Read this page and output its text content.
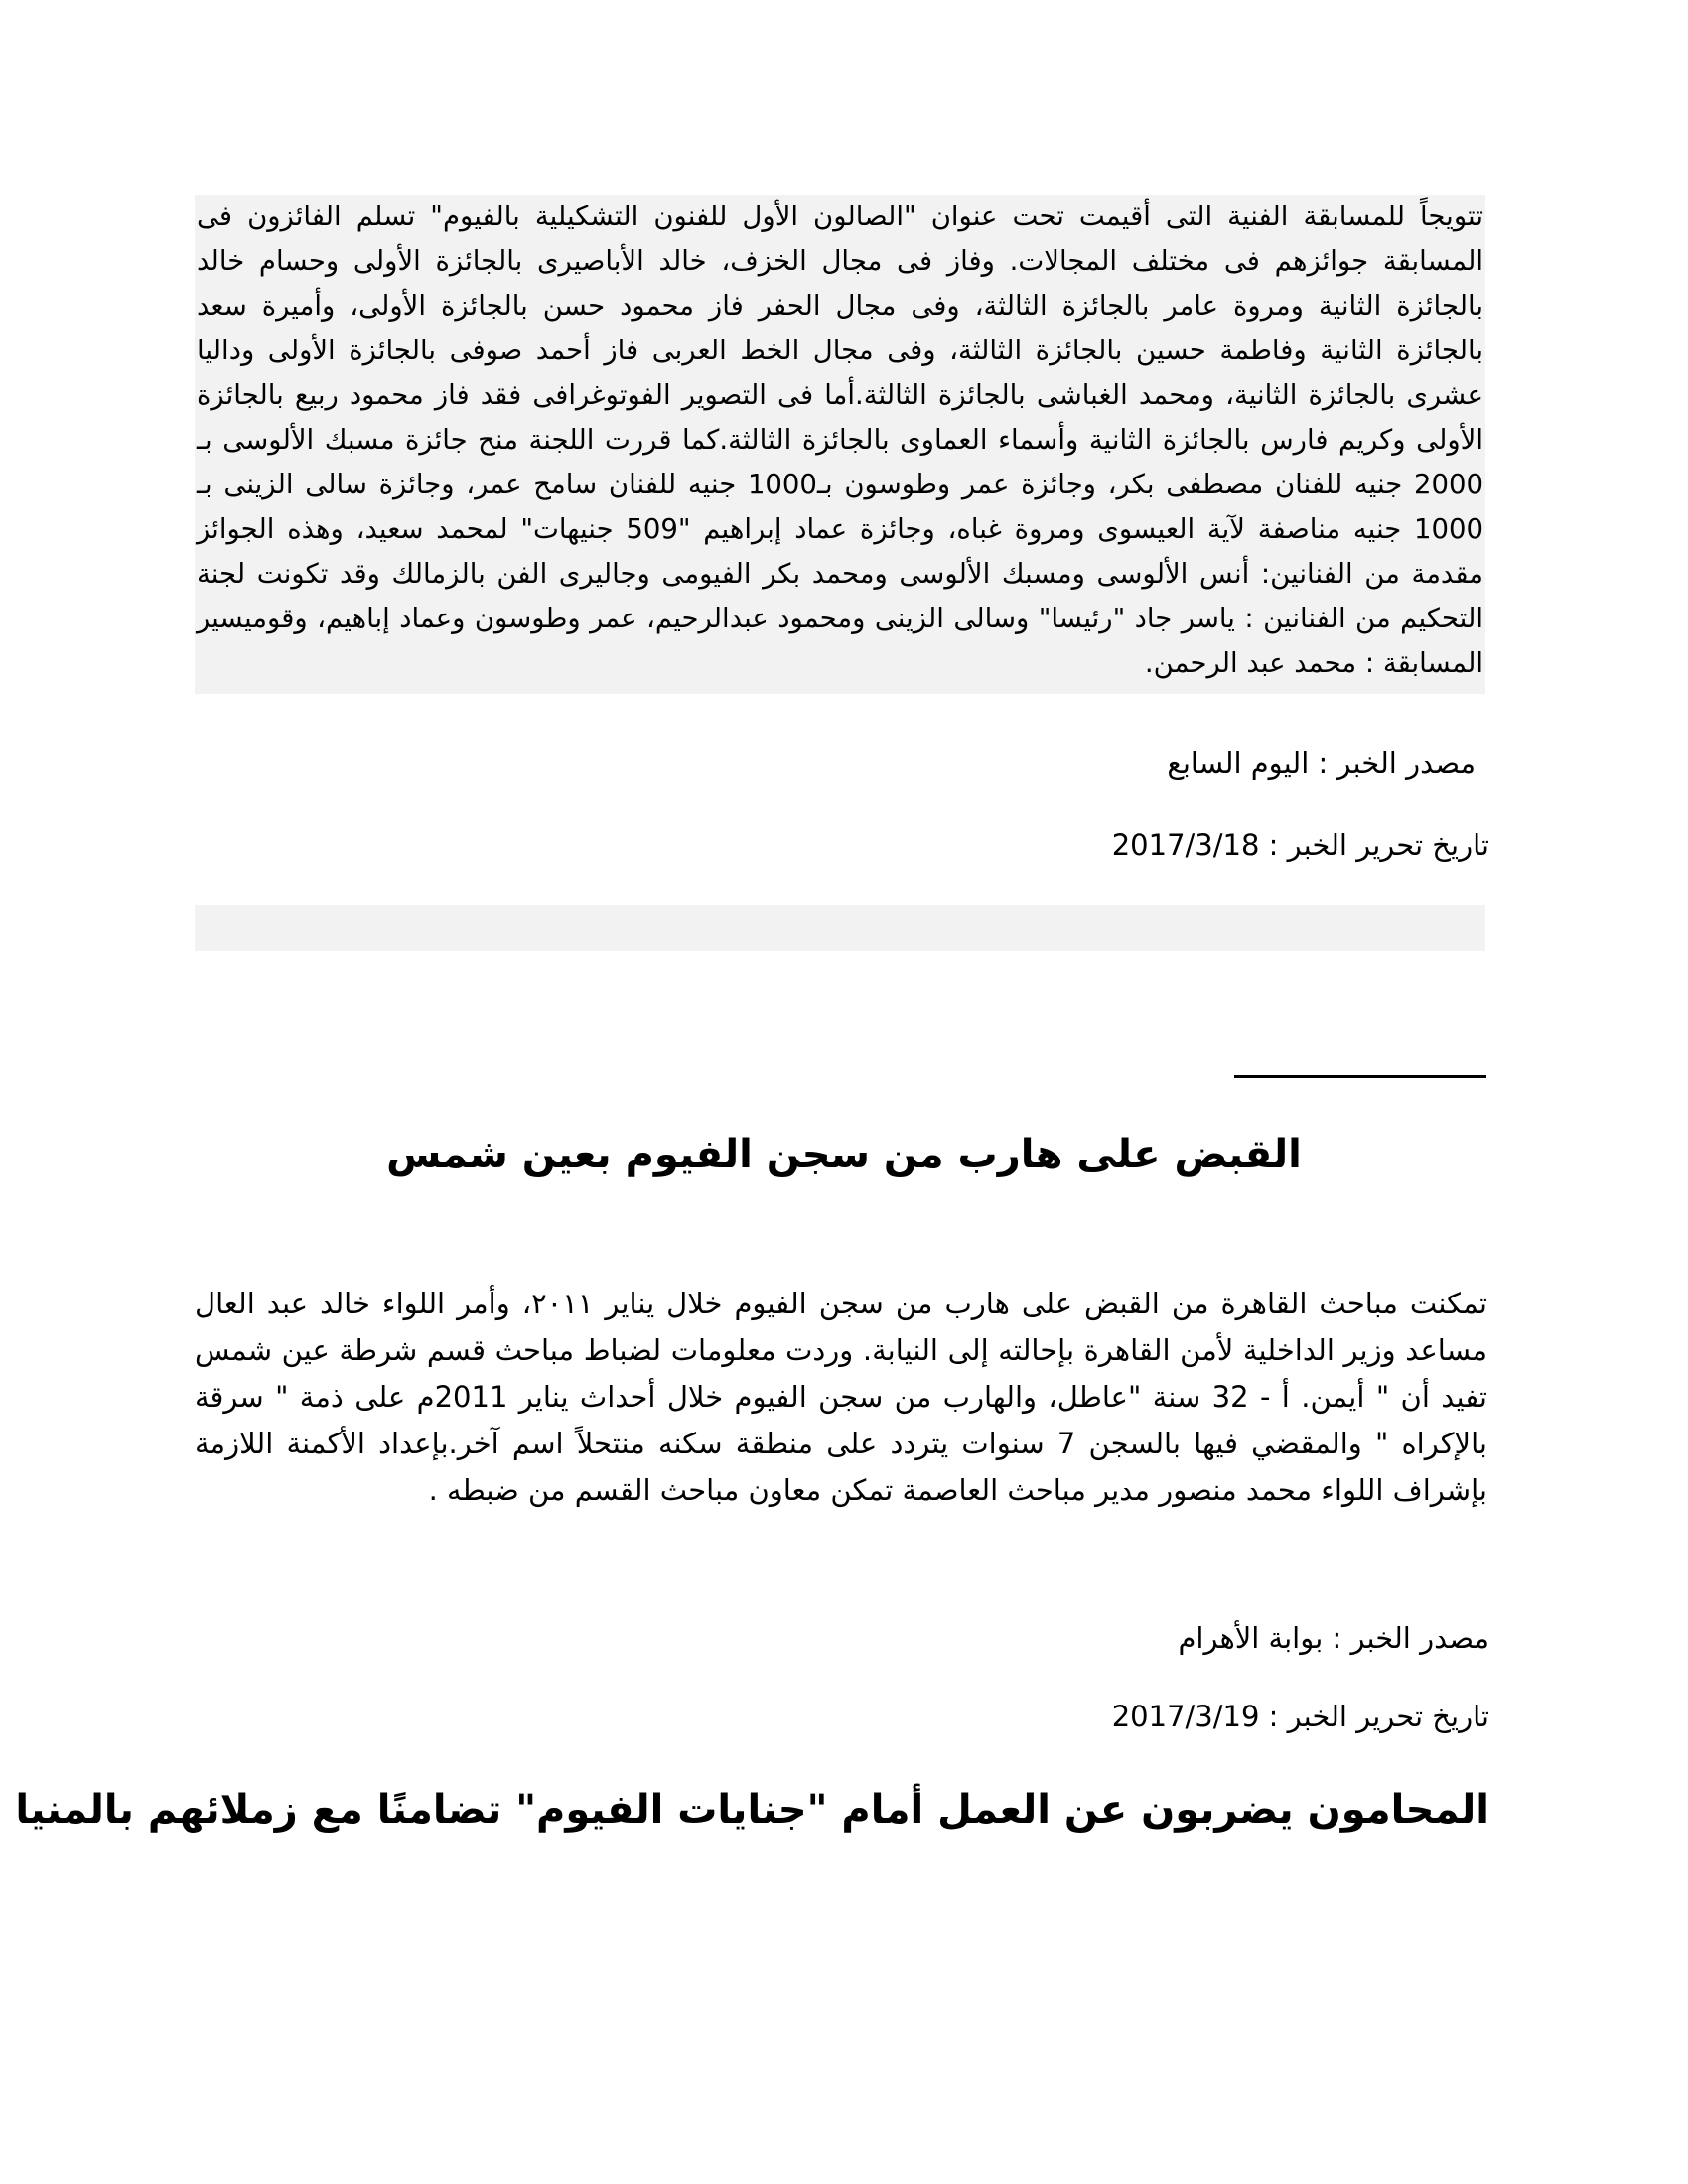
تتويجاً للمسابقة الفنية التى أقيمت تحت عنوان "الصالون الأول للفنون التشكيلية بالفيوم" تسلم الفائزون فى المسابقة جوائزهم فى مختلف المجالات. وفاز فى مجال الخزف، خالد الأباصيرى بالجائزة الأولى وحسام خالد بالجائزة الثانية ومروة عامر بالجائزة الثالثة، وفى مجال الحفر فاز محمود حسن بالجائزة الأولى، وأميرة سعد بالجائزة الثانية وفاطمة حسين بالجائزة الثالثة، وفى مجال الخط العربى فاز أحمد صوفى بالجائزة الأولى وداليا عشرى بالجائزة الثانية، ومحمد الغباشى بالجائزة الثالثة.أما فى التصوير الفوتوغرافى فقد فاز محمود ربيع بالجائزة الأولى وكريم فارس بالجائزة الثانية وأسماء العماوى بالجائزة الثالثة.كما قررت اللجنة منح جائزة مسبك الألوسى بـ 2000 جنيه للفنان مصطفى بكر، وجائزة عمر وطوسون بـ1000 جنيه للفنان سامح عمر، وجائزة سالى الزينى بـ 1000 جنيه مناصفة لآية العيسوى ومروة غباه، وجائزة عماد إبراهيم "509 جنيهات" لمحمد سعيد، وهذه الجوائز مقدمة من الفنانين: أنس الألوسى ومسبك الألوسى ومحمد بكر الفيومى وجاليرى الفن بالزمالك وقد تكونت لجنة التحكيم من الفنانين : ياسر جاد "رئيسا" وسالى الزينى ومحمود عبدالرحيم، عمر وطوسون وعماد إباهيم، وقوميسير المسابقة : محمد عبد الرحمن.
مصدر الخبر : اليوم السابع
تاريخ تحرير الخبر : 2017/3/18
القبض على هارب من سجن الفيوم بعين شمس
تمكنت مباحث القاهرة من القبض على هارب من سجن الفيوم خلال يناير ٢٠١١، وأمر اللواء خالد عبد العال مساعد وزير الداخلية لأمن القاهرة بإحالته إلى النيابة. وردت معلومات لضباط مباحث قسم شرطة عين شمس تفيد أن " أيمن. أ - 32 سنة "عاطل، والهارب من سجن الفيوم خلال أحداث يناير 2011م على ذمة " سرقة بالإكراه " والمقضي فيها بالسجن 7 سنوات يتردد على منطقة سكنه منتحلاً اسم آخر.بإعداد الأكمنة اللازمة بإشراف اللواء محمد منصور مدير مباحث العاصمة تمكن معاون مباحث القسم من ضبطه .
مصدر الخبر : بوابة الأهرام
تاريخ تحرير الخبر : 2017/3/19
المحامون يضربون عن العمل أمام "جنايات الفيوم" تضامنًا مع زملائهم بالمنيا
